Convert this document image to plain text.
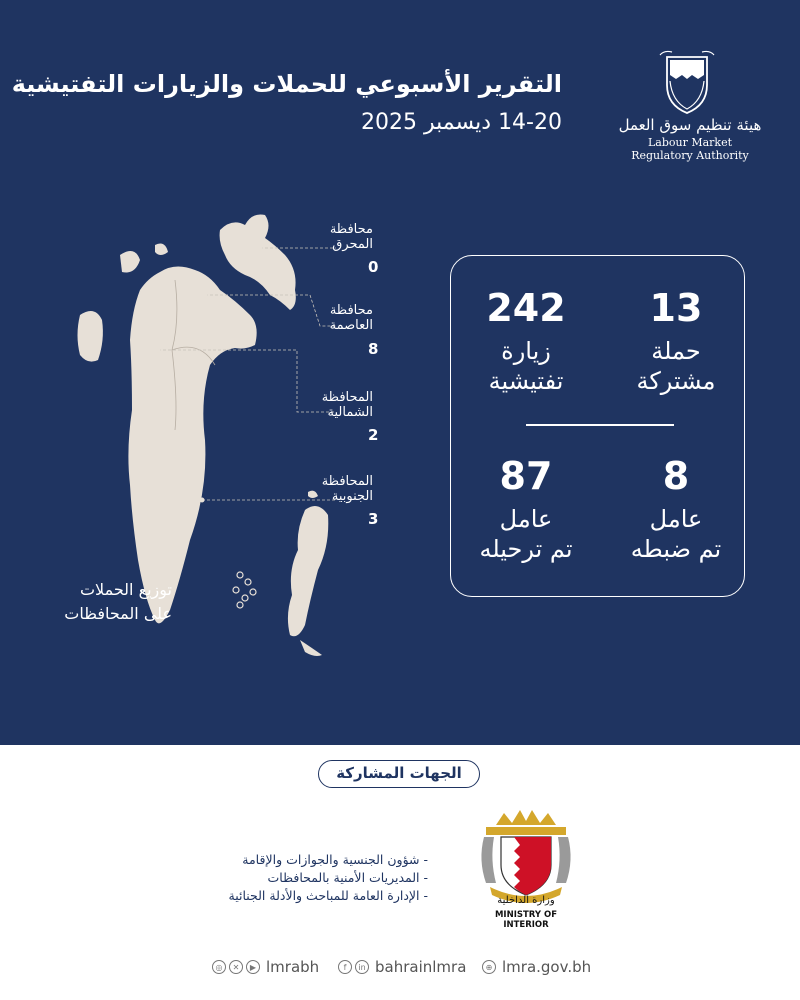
التقرير الأسبوعي للحملات والزيارات التفتيشية
14-20 ديسمبر 2025	هيئة تنظيم سوق العمل
Labour Market
Regulatory Authority
محافظة
المحرق
0
محافظة
العاصمة
8
المحافظة
الشمالية
2
المحافظة
الجنوبية
3
توزيع الحملات
على المحافظات
13
حملة
مشتركة
242
زيارة
تفتيشية
8
عامل
تم ضبطه
87
عامل
تم ترحيله
الجهات المشاركة
- شؤون الجنسية والجوازات والإقامة
- المديريات الأمنية بالمحافظات
- الإدارة العامة للمباحث والأدلة الجنائية	وزارة الداخلية
MINISTRY OF INTERIOR
◎	✕	▶ lmrabh	f	in bahrainlmra	⊕ lmra.gov.bh
